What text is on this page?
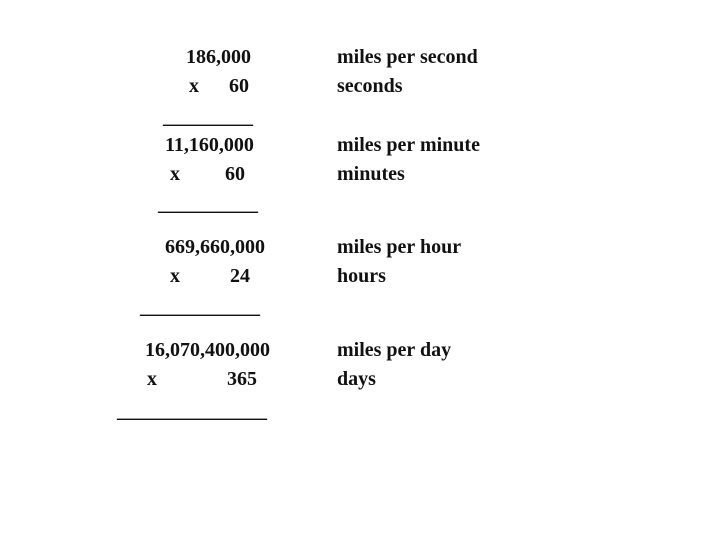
186,000	miles per second
x      60	seconds
_________
11,160,000	miles per minute
x         60	minutes
__________
669,660,000	miles per hour
x          24	hours
____________
16,070,400,000	miles per day
x              365	days
_______________
